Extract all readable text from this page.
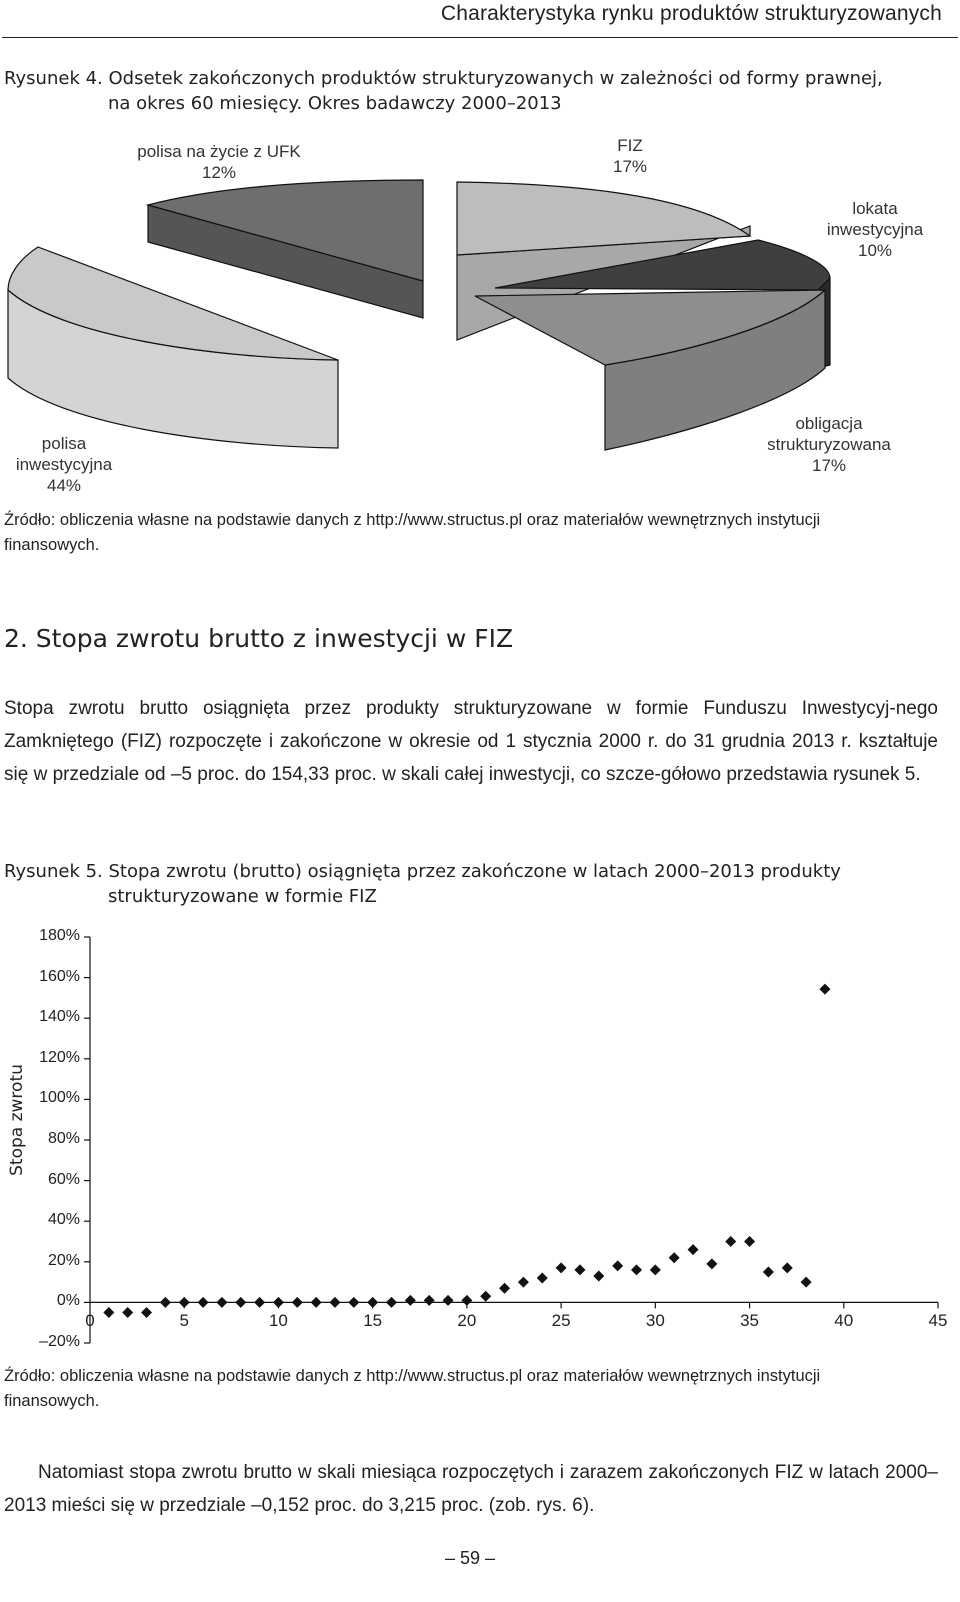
Charakterystyka rynku produktów strukturyzowanych
Rysunek 4. Odsetek zakończonych produktów strukturyzowanych w zależności od formy prawnej,
na okres 60 miesięcy. Okres badawczy 2000–2013
polisa na życie z UFK
12%
FIZ
17%
lokata
inwestycyjna
10%
obligacja
strukturyzowana
17%
polisa
inwestycyjna
44%
Źródło: obliczenia własne na podstawie danych z http://www.structus.pl oraz materiałów wewnętrznych instytucji
finansowych.
2. Stopa zwrotu brutto z inwestycji w FIZ
Stopa zwrotu brutto osiągnięta przez produkty strukturyzowane w formie Funduszu Inwestycyj-nego Zamkniętego (FIZ) rozpoczęte i zakończone w okresie od 1 stycznia 2000 r. do 31 grudnia 2013 r. kształtuje się w przedziale od –5 proc. do 154,33 proc. w skali całej inwestycji, co szcze-gółowo przedstawia rysunek 5.
Rysunek 5. Stopa zwrotu (brutto) osiągnięta przez zakończone w latach 2000–2013 produkty
strukturyzowane w formie FIZ
Stopa zwrotu
180%
160%
140%
120%
100%
80%
60%
40%
20%
0%
–20%
0	5	10	15	20	25	30	35	40	45
Źródło: obliczenia własne na podstawie danych z http://www.structus.pl oraz materiałów wewnętrznych instytucji
finansowych.
Natomiast stopa zwrotu brutto w skali miesiąca rozpoczętych i zarazem zakończonych FIZ w latach 2000–2013 mieści się w przedziale –0,152 proc. do 3,215 proc. (zob. rys. 6).
– 59 –
